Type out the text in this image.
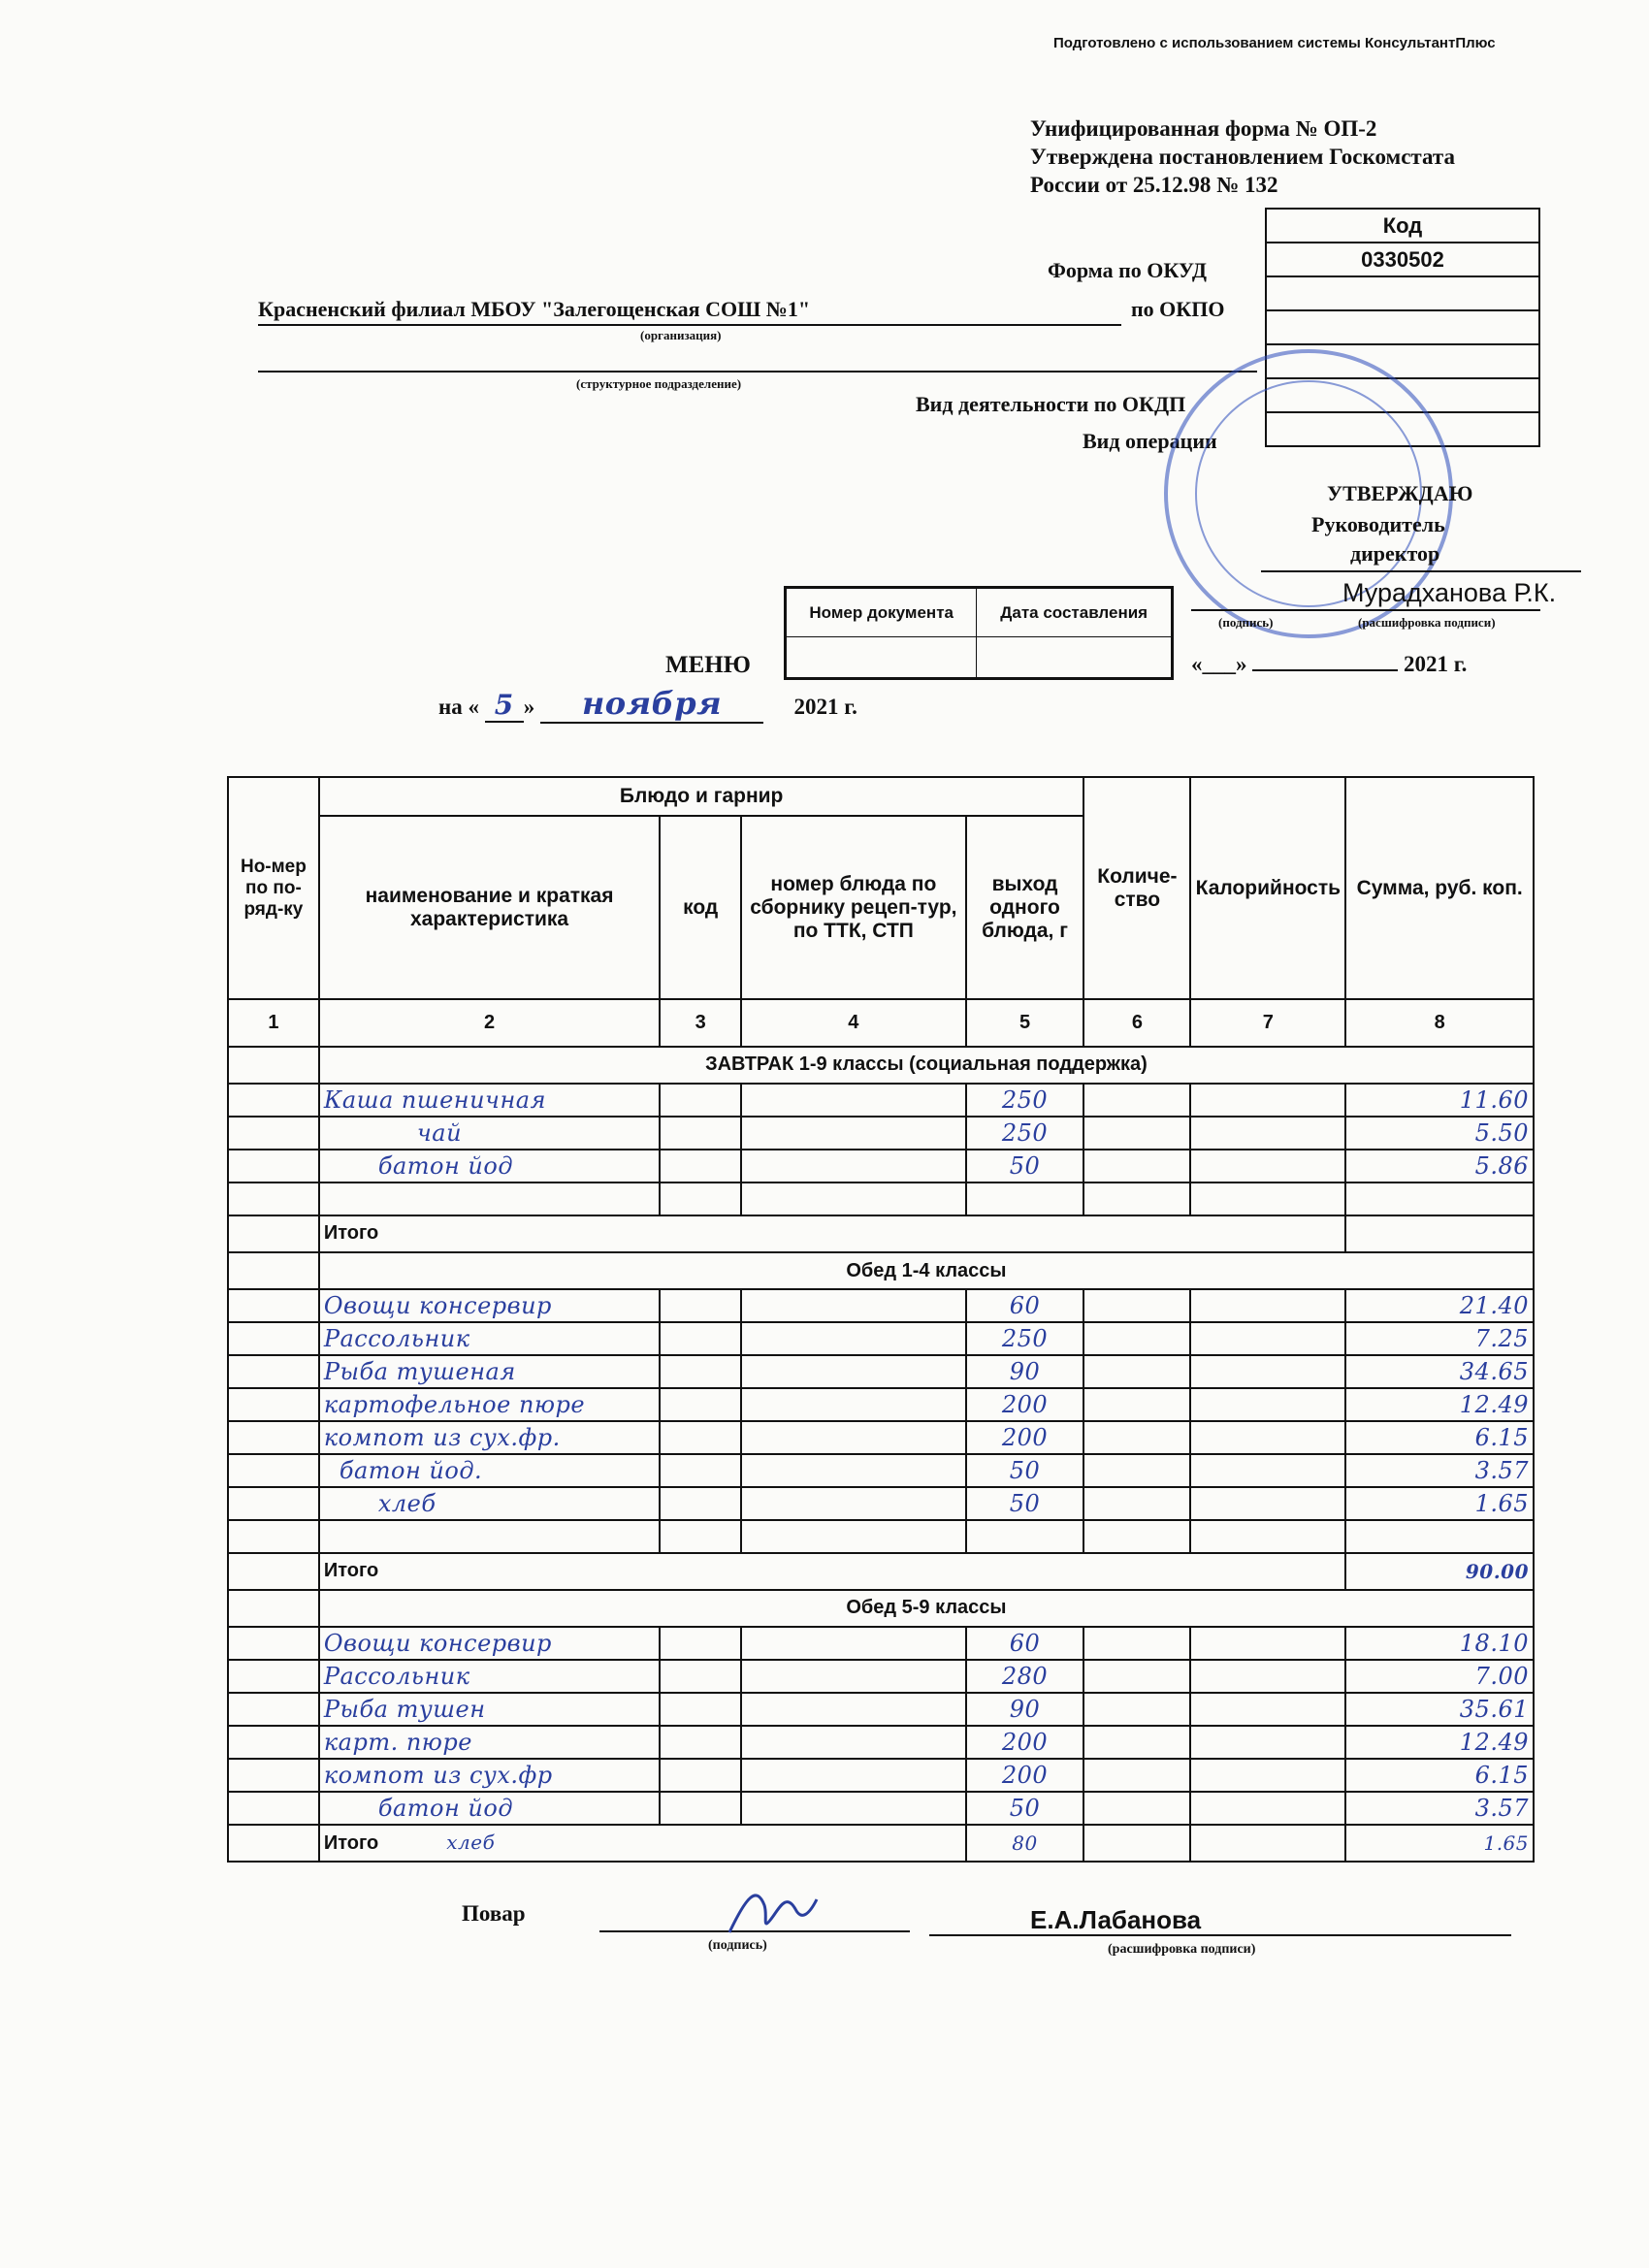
Подготовлено с использованием системы КонсультантПлюс
Унифицированная форма № ОП-2
Утверждена постановлением Госкомстата
России от 25.12.98 № 132
Код
0330502
Форма по ОКУД
по ОКПО
Вид деятельности по ОКДП
Вид операции
Красненский филиал МБОУ "Залегощенская СОШ №1"
(организация)
(структурное подразделение)
УТВЕРЖДАЮ
Руководитель
директор
Мурадханова Р.К.
(подпись)	(расшифровка подписи)
«___»	2021 г.
Номер документа	Дата составления

МЕНЮ
на « 5 » ноября	2021 г.
Но-мер по по-ряд-ку	Блюдо и гарнир				Количе-ство	Калорийность	Сумма, руб. коп.
	наименование и краткая характеристика	код	номер блюда по сборнику рецеп-тур, по ТТК, СТП	выход одного блюда, г			
1	2	3	4	5	6	7	8
	ЗАВТРАК 1-9 классы (социальная поддержка)						
	Каша пшеничная			250			11.60
	чай			250			5.50
	батон йод			50			5.86

	Итого						
	Обед 1-4 классы						
	Овощи консервир			60			21.40
	Рассольник			250			7.25
	Рыба тушеная			90			34.65
	картофельное пюре			200			12.49
	компот из сух.фр.			200			6.15
	батон йод.			50			3.57
	хлеб			50			1.65

	Итого						90.00
	Обед 5-9 классы						
	Овощи консервир			60			18.10
	Рассольник			280			7.00
	Рыба тушен			90			35.61
	карт. пюре			200			12.49
	компот из сух.фр			200			6.15
	батон йод			50			3.57
	Итого хлеб			80			1.65
Повар
(подпись)
Е.А.Лабанова
(расшифровка подписи)
